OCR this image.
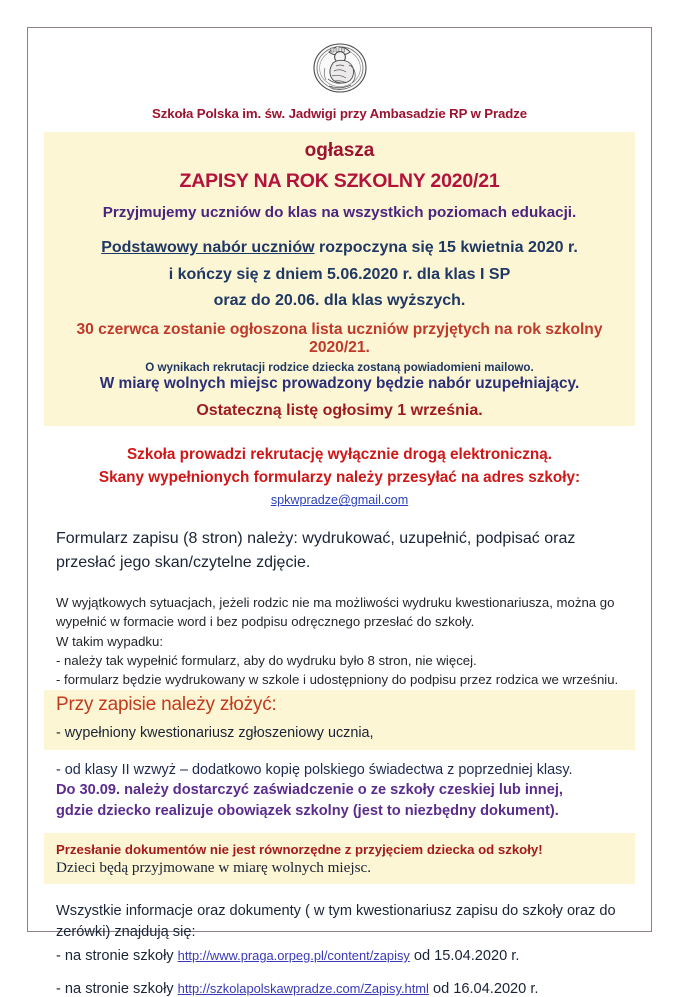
Szkoła Polska im. św. Jadwigi przy Ambasadzie RP w Pradze
ogłasza
ZAPISY NA ROK SZKOLNY 2020/21
Przyjmujemy uczniów do klas na wszystkich poziomach edukacji.
Podstawowy nabór uczniów rozpoczyna się 15 kwietnia 2020 r.
i kończy się z dniem 5.06.2020 r. dla klas I SP
oraz do 20.06. dla klas wyższych.
30 czerwca zostanie ogłoszona lista uczniów przyjętych na rok szkolny 2020/21.
O wynikach rekrutacji rodzice dziecka zostaną powiadomieni mailowo.
W miarę wolnych miejsc prowadzony będzie nabór uzupełniający.
Ostateczną listę ogłosimy 1 września.
Szkoła prowadzi rekrutację wyłącznie drogą elektroniczną.
Skany wypełnionych formularzy należy przesyłać na adres szkoły:
spkwpradze@gmail.com

Formularz zapisu (8 stron) należy: wydrukować, uzupełnić, podpisać oraz przesłać jego skan/czytelne zdjęcie.

W wyjątkowych sytuacjach, jeżeli rodzic nie ma możliwości wydruku kwestionariusza, można go wypełnić w formacie word i bez podpisu odręcznego przesłać do szkoły.

W takim wypadku:

- należy tak wypełnić formularz, aby do wydruku było 8 stron, nie więcej.

- formularz będzie wydrukowany w szkole i udostępniony do podpisu przez rodzica we wrześniu.

Przy zapisie należy złożyć:
- wypełniony kwestionariusz zgłoszeniowy ucznia,
- od klasy II wzwyż – dodatkowo kopię polskiego świadectwa z poprzedniej klasy.
Do 30.09. należy dostarczyć zaświadczenie o ze szkoły czeskiej lub innej,
gdzie dziecko realizuje obowiązek szkolny (jest to niezbędny dokument).
Przesłanie dokumentów nie jest równorzędne z przyjęciem dziecka od szkoły!
Dzieci będą przyjmowane w miarę wolnych miejsc.

Wszystkie informacje oraz dokumenty ( w tym kwestionariusz zapisu do szkoły oraz do zerówki) znajdują się:

- na stronie szkoły http://www.praga.orpeg.pl/content/zapisy od 15.04.2020 r.

- na stronie szkoły http://szkolapolskawpradze.com/Zapisy.html od 16.04.2020 r.
